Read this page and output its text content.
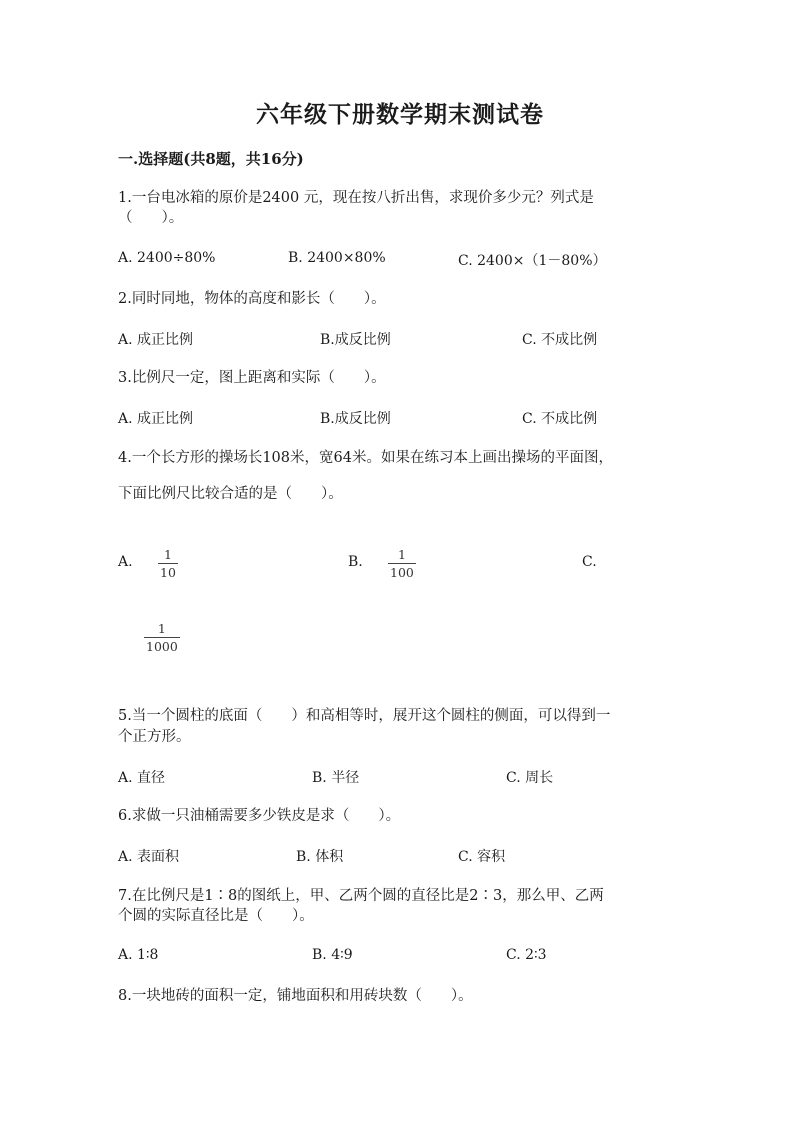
六年级下册数学期末测试卷
一.选择题(共8题，共16分)
1.一台电冰箱的原价是2400 元，现在按八折出售，求现价多少元？列式是
（　　）。
A. 2400÷80%	B. 2400×80%	C. 2400×（1－80%）
2.同时同地，物体的高度和影长（　　）。
A. 成正比例	B.成反比例	C. 不成比例
3.比例尺一定，图上距离和实际（　　）。
A. 成正比例	B.成反比例	C. 不成比例
4.一个长方形的操场长108米，宽64米。如果在练习本上画出操场的平面图，
下面比例尺比较合适的是（　　）。
A.	1
10
B.	1
100
C.
1
1000
5.当一个圆柱的底面（　　）和高相等时，展开这个圆柱的侧面，可以得到一
个正方形。
A. 直径	B. 半径	C. 周长
6.求做一只油桶需要多少铁皮是求（　　）。
A. 表面积	B. 体积	C. 容积
7.在比例尺是1∶8的图纸上，甲、乙两个圆的直径比是2∶3，那么甲、乙两
个圆的实际直径比是（　　）。
A. 1∶8	B. 4∶9	C. 2∶3
8.一块地砖的面积一定，铺地面积和用砖块数（　　）。
